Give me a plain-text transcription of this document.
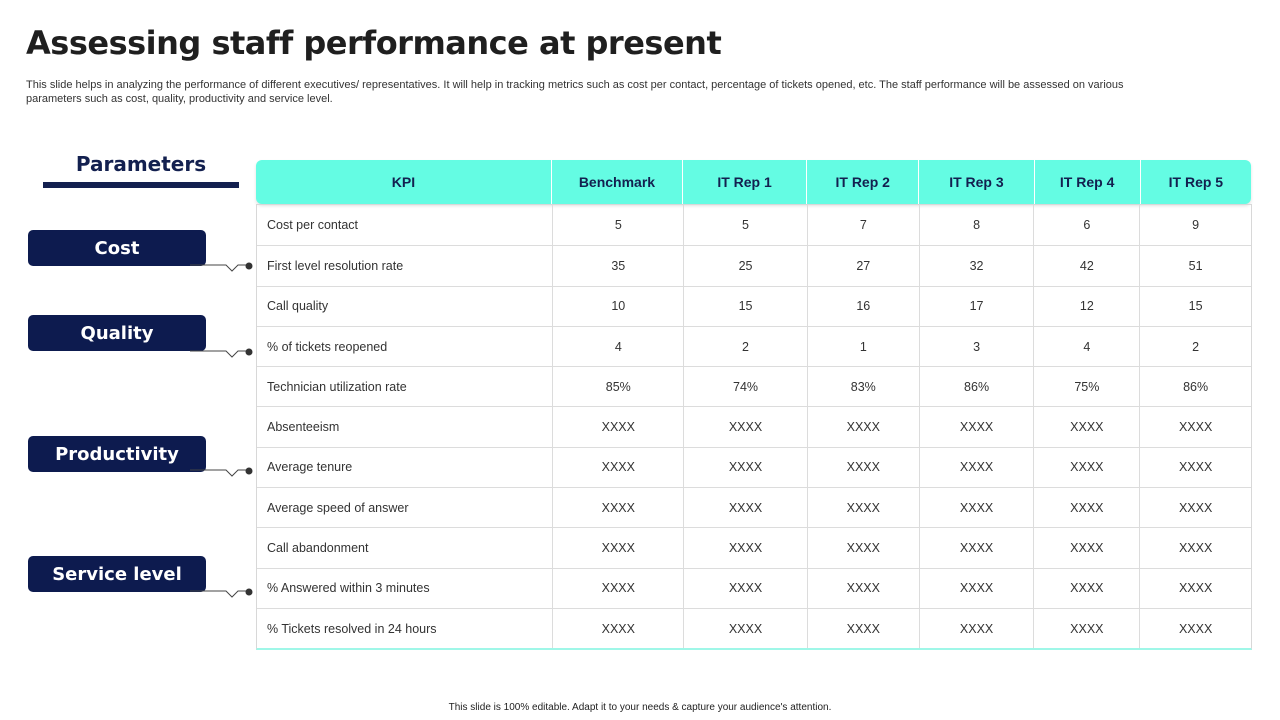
Assessing staff performance at present

This slide helps in analyzing the performance of different executives/ representatives. It will help in tracking metrics such as cost per contact, percentage of tickets opened, etc. The staff performance will be assessed on various parameters such as cost, quality, productivity and service level.

Parameters
Cost
Quality
Productivity
Service level
KPI	Benchmark	IT Rep 1	IT Rep 2	IT Rep 3	IT Rep 4	IT Rep 5
Cost per contact	5	5	7	8	6	9
First level resolution rate	35	25	27	32	42	51
Call quality	10	15	16	17	12	15
% of tickets reopened	4	2	1	3	4	2
Technician utilization rate	85%	74%	83%	86%	75%	86%
Absenteeism	XXXX	XXXX	XXXX	XXXX	XXXX	XXXX
Average tenure	XXXX	XXXX	XXXX	XXXX	XXXX	XXXX
Average speed of answer	XXXX	XXXX	XXXX	XXXX	XXXX	XXXX
Call abandonment	XXXX	XXXX	XXXX	XXXX	XXXX	XXXX
% Answered within 3 minutes	XXXX	XXXX	XXXX	XXXX	XXXX	XXXX
% Tickets resolved in 24 hours	XXXX	XXXX	XXXX	XXXX	XXXX	XXXX
This slide is 100% editable. Adapt it to your needs & capture your audience's attention.
